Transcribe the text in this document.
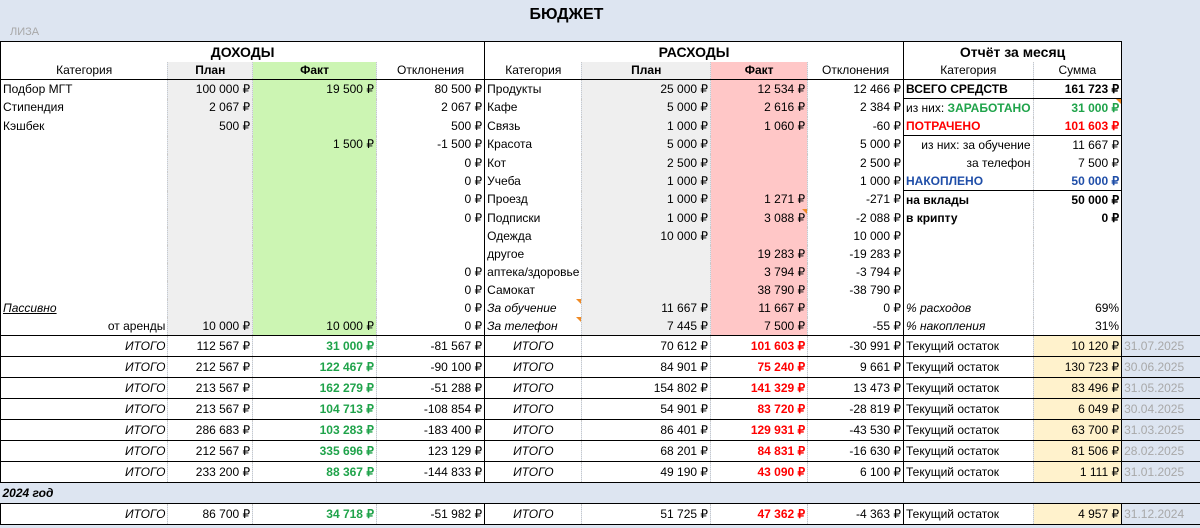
БЮДЖЕТ
ЛИЗА
ДОХОДЫ				РАСХОДЫ				Отчёт за месяц		
Категория	План	Факт	Отклонения	Категория	План	Факт	Отклонения	Категория	Сумма	
Подбор МГТ	100 000 ₽	19 500 ₽	80 500 ₽	Продукты	25 000 ₽	12 534 ₽	12 466 ₽	ВСЕГО СРЕДСТВ	161 723 ₽	
Стипендия	2 067 ₽		2 067 ₽	Кафе	5 000 ₽	2 616 ₽	2 384 ₽	из них: ЗАРАБОТАНО	31 000 ₽	
Кэшбек	500 ₽		500 ₽	Связь	1 000 ₽	1 060 ₽	-60 ₽	ПОТРАЧЕНО	101 603 ₽	
		1 500 ₽	-1 500 ₽	Красота	5 000 ₽		5 000 ₽	из них: за обучение	11 667 ₽	
			0 ₽	Кот	2 500 ₽		2 500 ₽	за телефон	7 500 ₽	
			0 ₽	Учеба	1 000 ₽		1 000 ₽	НАКОПЛЕНО	50 000 ₽	
			0 ₽	Проезд	1 000 ₽	1 271 ₽	-271 ₽	на вклады	50 000 ₽	
			0 ₽	Подписки	1 000 ₽	3 088 ₽	-2 088 ₽	в крипту	0 ₽	
				Одежда	10 000 ₽		10 000 ₽			
				другое		19 283 ₽	-19 283 ₽			
			0 ₽	аптека/здоровье		3 794 ₽	-3 794 ₽			
			0 ₽	Самокат		38 790 ₽	-38 790 ₽			
Пассивно			0 ₽	За обучение	11 667 ₽	11 667 ₽	0 ₽	% расходов	69%	
от аренды	10 000 ₽	10 000 ₽	0 ₽	За телефон	7 445 ₽	7 500 ₽	-55 ₽	% накопления	31%	
ИТОГО	112 567 ₽	31 000 ₽	-81 567 ₽	ИТОГО	70 612 ₽	101 603 ₽	-30 991 ₽	Текущий остаток	10 120 ₽	31.07.2025
ИТОГО	212 567 ₽	122 467 ₽	-90 100 ₽	ИТОГО	84 901 ₽	75 240 ₽	9 661 ₽	Текущий остаток	130 723 ₽	30.06.2025
ИТОГО	213 567 ₽	162 279 ₽	-51 288 ₽	ИТОГО	154 802 ₽	141 329 ₽	13 473 ₽	Текущий остаток	83 496 ₽	31.05.2025
ИТОГО	213 567 ₽	104 713 ₽	-108 854 ₽	ИТОГО	54 901 ₽	83 720 ₽	-28 819 ₽	Текущий остаток	6 049 ₽	30.04.2025
ИТОГО	286 683 ₽	103 283 ₽	-183 400 ₽	ИТОГО	86 401 ₽	129 931 ₽	-43 530 ₽	Текущий остаток	63 700 ₽	31.03.2025
ИТОГО	212 567 ₽	335 696 ₽	123 129 ₽	ИТОГО	68 201 ₽	84 831 ₽	-16 630 ₽	Текущий остаток	81 506 ₽	28.02.2025
ИТОГО	233 200 ₽	88 367 ₽	-144 833 ₽	ИТОГО	49 190 ₽	43 090 ₽	6 100 ₽	Текущий остаток	1 111 ₽	31.01.2025
2024 год										
ИТОГО	86 700 ₽	34 718 ₽	-51 982 ₽	ИТОГО	51 725 ₽	47 362 ₽	-4 363 ₽	Текущий остаток	4 957 ₽	31.12.2024
